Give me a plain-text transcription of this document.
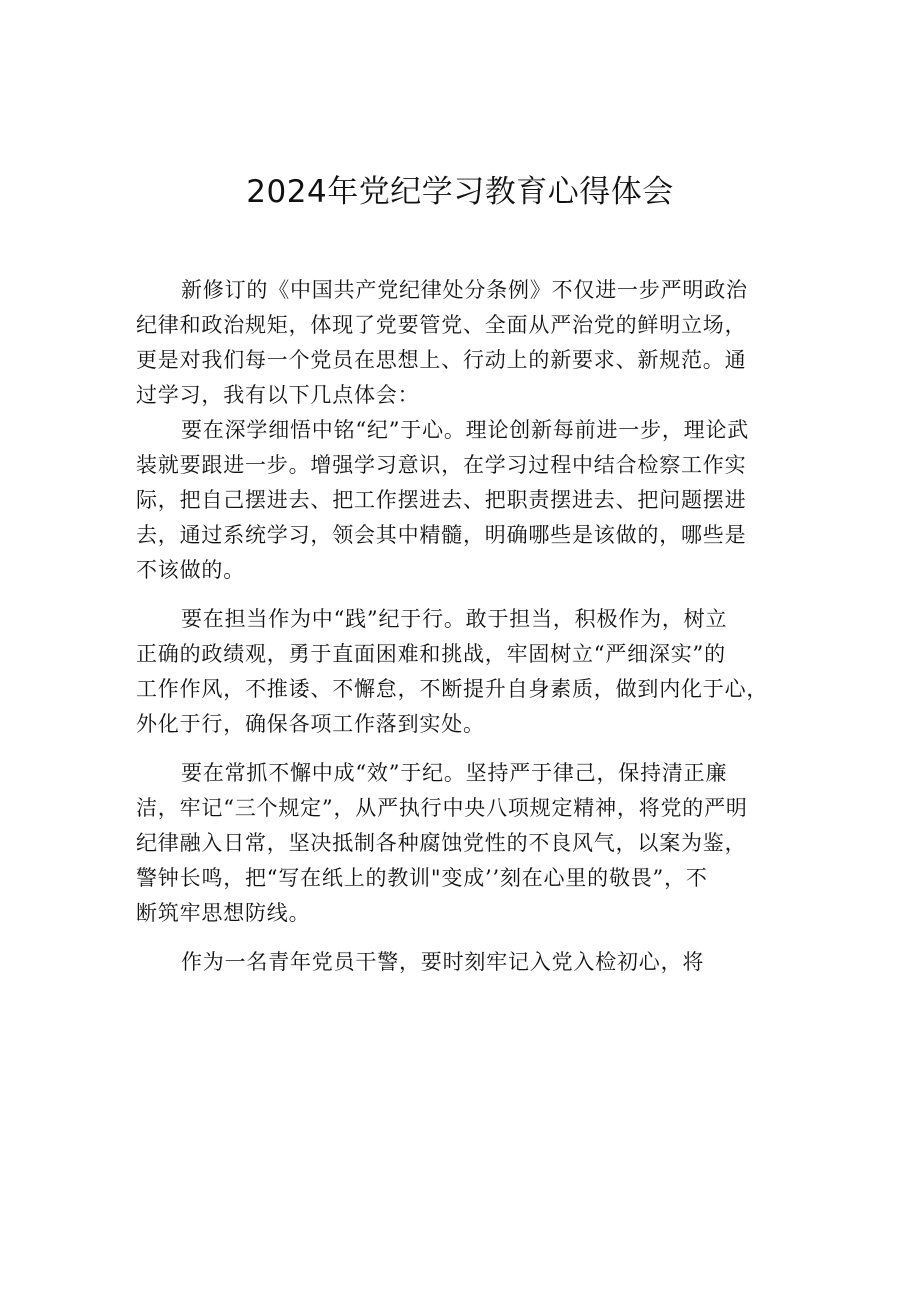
2024年党纪学习教育心得体会
新修订的《中国共产党纪律处分条例》不仅进一步严明政治
纪律和政治规矩，体现了党要管党、全面从严治党的鲜明立场，
更是对我们每一个党员在思想上、行动上的新要求、新规范。通
过学习，我有以下几点体会：
要在深学细悟中铭“纪”于心。理论创新每前进一步，理论武
装就要跟进一步。增强学习意识，在学习过程中结合检察工作实
际，把自己摆进去、把工作摆进去、把职责摆进去、把问题摆进
去，通过系统学习，领会其中精髓，明确哪些是该做的，哪些是
不该做的。
要在担当作为中“践”纪于行。敢于担当，积极作为，树立
正确的政绩观，勇于直面困难和挑战，牢固树立“严细深实”的
工作作风，不推诿、不懈怠，不断提升自身素质，做到内化于心，
外化于行，确保各项工作落到实处。
要在常抓不懈中成“效”于纪。坚持严于律己，保持清正廉
洁，牢记“三个规定”，从严执行中央八项规定精神，将党的严明
纪律融入日常，坚决抵制各种腐蚀党性的不良风气，以案为鉴，
警钟长鸣，把“写在纸上的教训"变成’’刻在心里的敬畏”，不
断筑牢思想防线。
作为一名青年党员干警，要时刻牢记入党入检初心，将
